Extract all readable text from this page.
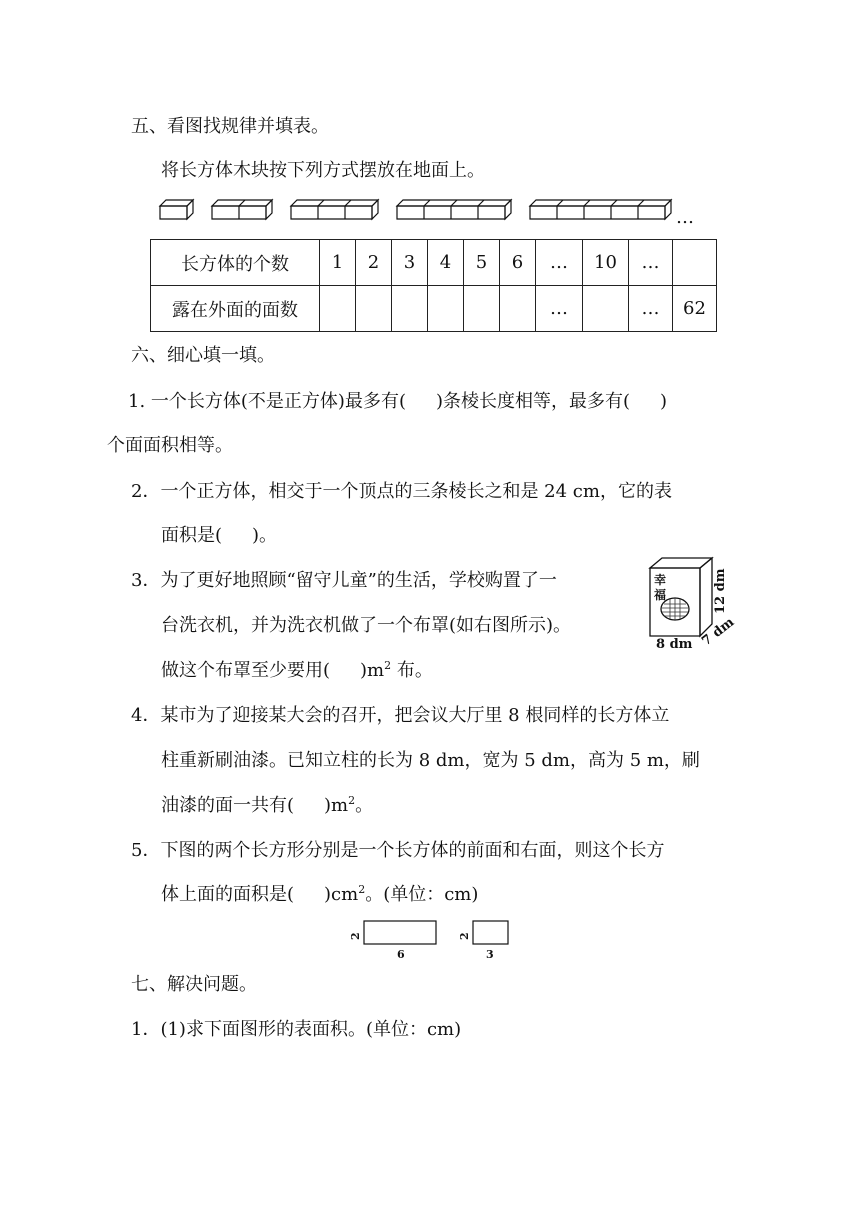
五、看图找规律并填表。
将长方体木块按下列方式摆放在地面上。
…
长方体的个数	1	2	3	4	5	6	…	10	…	
露在外面的面数							…		…	62
六、细心填一填。
1. 一个长方体(不是正方体)最多有( )条棱长度相等，最多有( )
个面面积相等。
2．一个正方体，相交于一个顶点的三条棱长之和是 24 cm，它的表
面积是( )。
3．为了更好地照顾“留守儿童”的生活，学校购置了一
台洗衣机，并为洗衣机做了一个布罩(如右图所示)。
做这个布罩至少要用( )$m^2$ 布。
幸
福	12 dm
8 dm 7 dm
4．某市为了迎接某大会的召开，把会议大厅里 8 根同样的长方体立
柱重新刷油漆。已知立柱的长为 8 dm，宽为 5 dm，高为 5 m，刷
油漆的面一共有( )$m^2$。
5．下图的两个长方形分别是一个长方体的前面和右面，则这个长方
体上面的面积是( )$cm^2$。(单位：cm)
2
6
2
3
七、解决问题。
1．(1)求下面图形的表面积。(单位：cm)
